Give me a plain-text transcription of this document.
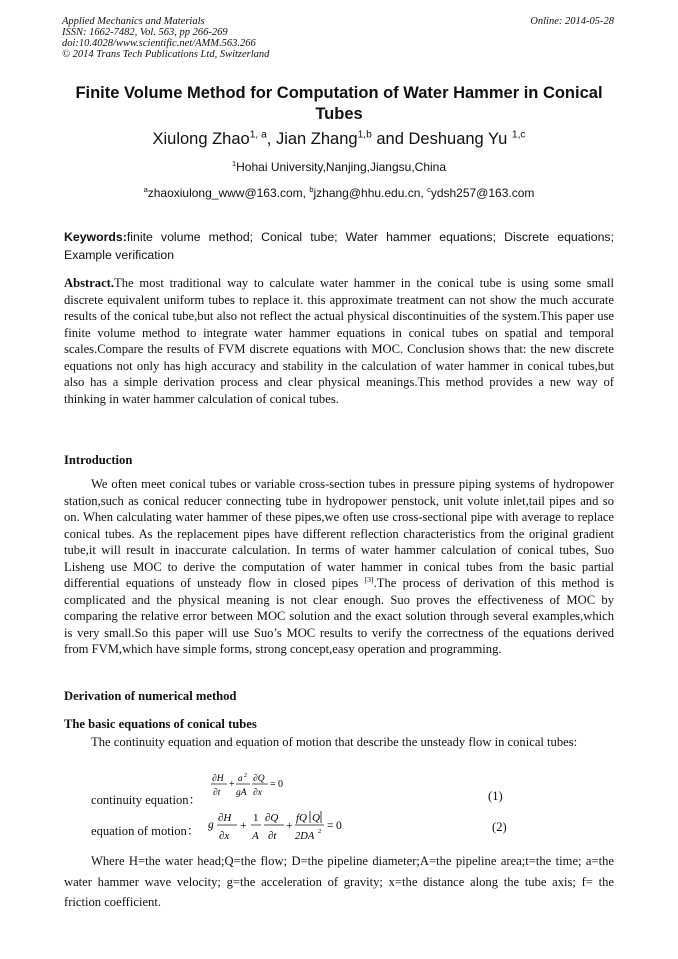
Applied Mechanics and Materials
ISSN: 1662-7482, Vol. 563, pp 266-269
doi:10.4028/www.scientific.net/AMM.563.266
© 2014 Trans Tech Publications Ltd, Switzerland
Online: 2014-05-28
Finite Volume Method for Computation of Water Hammer in Conical Tubes
Xiulong Zhao$^{1, a}$, Jian Zhang$^{1,b}$ and Deshuang Yu $^{1,c}$
$^1$Hohai University,Nanjing,Jiangsu,China
$^a$zhaoxiulong_www@163.com, $^b$jzhang@hhu.edu.cn, $^c$ydsh257@163.com
Keywords:finite volume method; Conical tube; Water hammer equations; Discrete equations; Example verification
Abstract.The most traditional way to calculate water hammer in the conical tube is using some small discrete equivalent uniform tubes to replace it. this approximate treatment can not show the much accurate results of the conical tube,but also not reflect the actual physical discontinuities of the system.This paper use finite volume method to integrate water hammer equations in conical tubes on spatial and temporal scales.Compare the results of FVM discrete equations with MOC. Conclusion shows that: the new discrete equations not only has high accuracy and stability in the calculation of water hammer in conical tubes,but also has a simple derivation process and clear physical meanings.This method provides a new way of thinking in water hammer calculation of conical tubes.
Introduction
We often meet conical tubes or variable cross-section tubes in pressure piping systems of hydropower station,such as conical reducer connecting tube in hydropower penstock, unit volute inlet,tail pipes and so on. When calculating water hammer of these pipes,we often use cross-sectional pipe with average to replace conical tubes. As the replacement pipes have different reflection characteristics from the original gradient tube,it will result in inaccurate calculation. In terms of water hammer calculation of conical tubes, Suo Lisheng use MOC to derive the computation of water hammer in conical tubes from the basic partial differential equations of unsteady flow in closed pipes [3].The process of derivation of this method is complicated and the physical meaning is not clear enough. Suo proves the effectiveness of MOC by comparing the relative error between MOC solution and the exact solution through several examples,which is very small.So this paper will use Suo’s MOC results to verify the correctness of the equations derived from FVM,which have simple forms, strong concept,easy operation and programming.
Derivation of numerical method
The basic equations of conical tubes
The continuity equation and equation of motion that describe the unsteady flow in conical tubes:
continuity equation：
∂H
∂t
+
a 2
gA
∂Q
∂x
= 0
(1)
equation of motion： g
∂H
∂x
+
1
A
∂Q
∂t
+
fQ Q
2DA 2 = 0	(2)
Where H=the water head;Q=the flow; D=the pipeline diameter;A=the pipeline area;t=the time; a=the water hammer wave velocity; g=the acceleration of gravity; x=the distance along the tube axis; f= the friction coefficient.
